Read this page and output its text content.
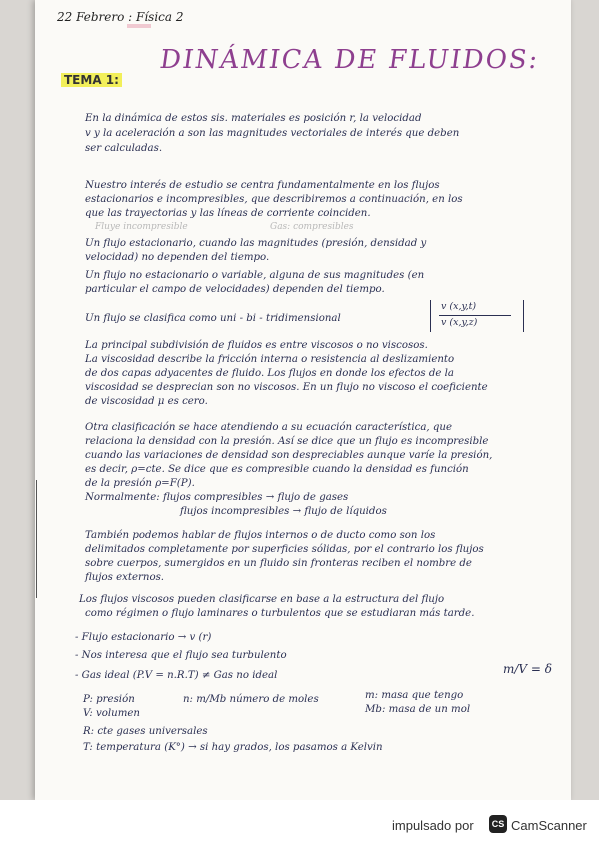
22 Febrero : Física 2
TEMA 1:
DINÁMICA DE FLUIDOS:
En la dinámica de estos sis. materiales es posición r, la velocidad
v y la aceleración a son las magnitudes vectoriales de interés que deben
ser calculadas.
Nuestro interés de estudio se centra fundamentalmente en los flujos
estacionarios e incompresibles, que describiremos a continuación, en los
que las trayectorias y las líneas de corriente coinciden.
Fluye incompresible	Gas: compresibles
Un flujo estacionario, cuando las magnitudes (presión, densidad y
velocidad) no dependen del tiempo.
Un flujo no estacionario o variable, alguna de sus magnitudes (en
particular el campo de velocidades) dependen del tiempo.
Un flujo se clasifica como uni - bi - tridimensional
v (x,y,t)
v (x,y,z)
La principal subdivisión de fluidos es entre viscosos o no viscosos.
La viscosidad describe la fricción interna o resistencia al deslizamiento
de dos capas adyacentes de fluido. Los flujos en donde los efectos de la
viscosidad se desprecian son no viscosos. En un flujo no viscoso el coeficiente
de viscosidad μ es cero.
Otra clasificación se hace atendiendo a su ecuación característica, que
relaciona la densidad con la presión. Así se dice que un flujo es incompresible
cuando las variaciones de densidad son despreciables aunque varíe la presión,
es decir, ρ=cte. Se dice que es compresible cuando la densidad es función
de la presión ρ=F(P).
Normalmente: flujos compresibles → flujo de gases
flujos incompresibles → flujo de líquidos
También podemos hablar de flujos internos o de ducto como son los
delimitados completamente por superficies sólidas, por el contrario los flujos
sobre cuerpos, sumergidos en un fluido sin fronteras reciben el nombre de
flujos externos.
Los flujos viscosos pueden clasificarse en base a la estructura del flujo
como régimen o flujo laminares o turbulentos que se estudiaran más tarde.
- Flujo estacionario → v (r)
- Nos interesa que el flujo sea turbulento
- Gas ideal (P.V = n.R.T) ≠ Gas no ideal	m/V = δ
P: presión
V: volumen
n: m/Mb número de moles	m: masa que tengo
Mb: masa de un mol
R: cte gases universales
T: temperatura (K°) → si hay grados, los pasamos a Kelvin
impulsado por	CS CamScanner
